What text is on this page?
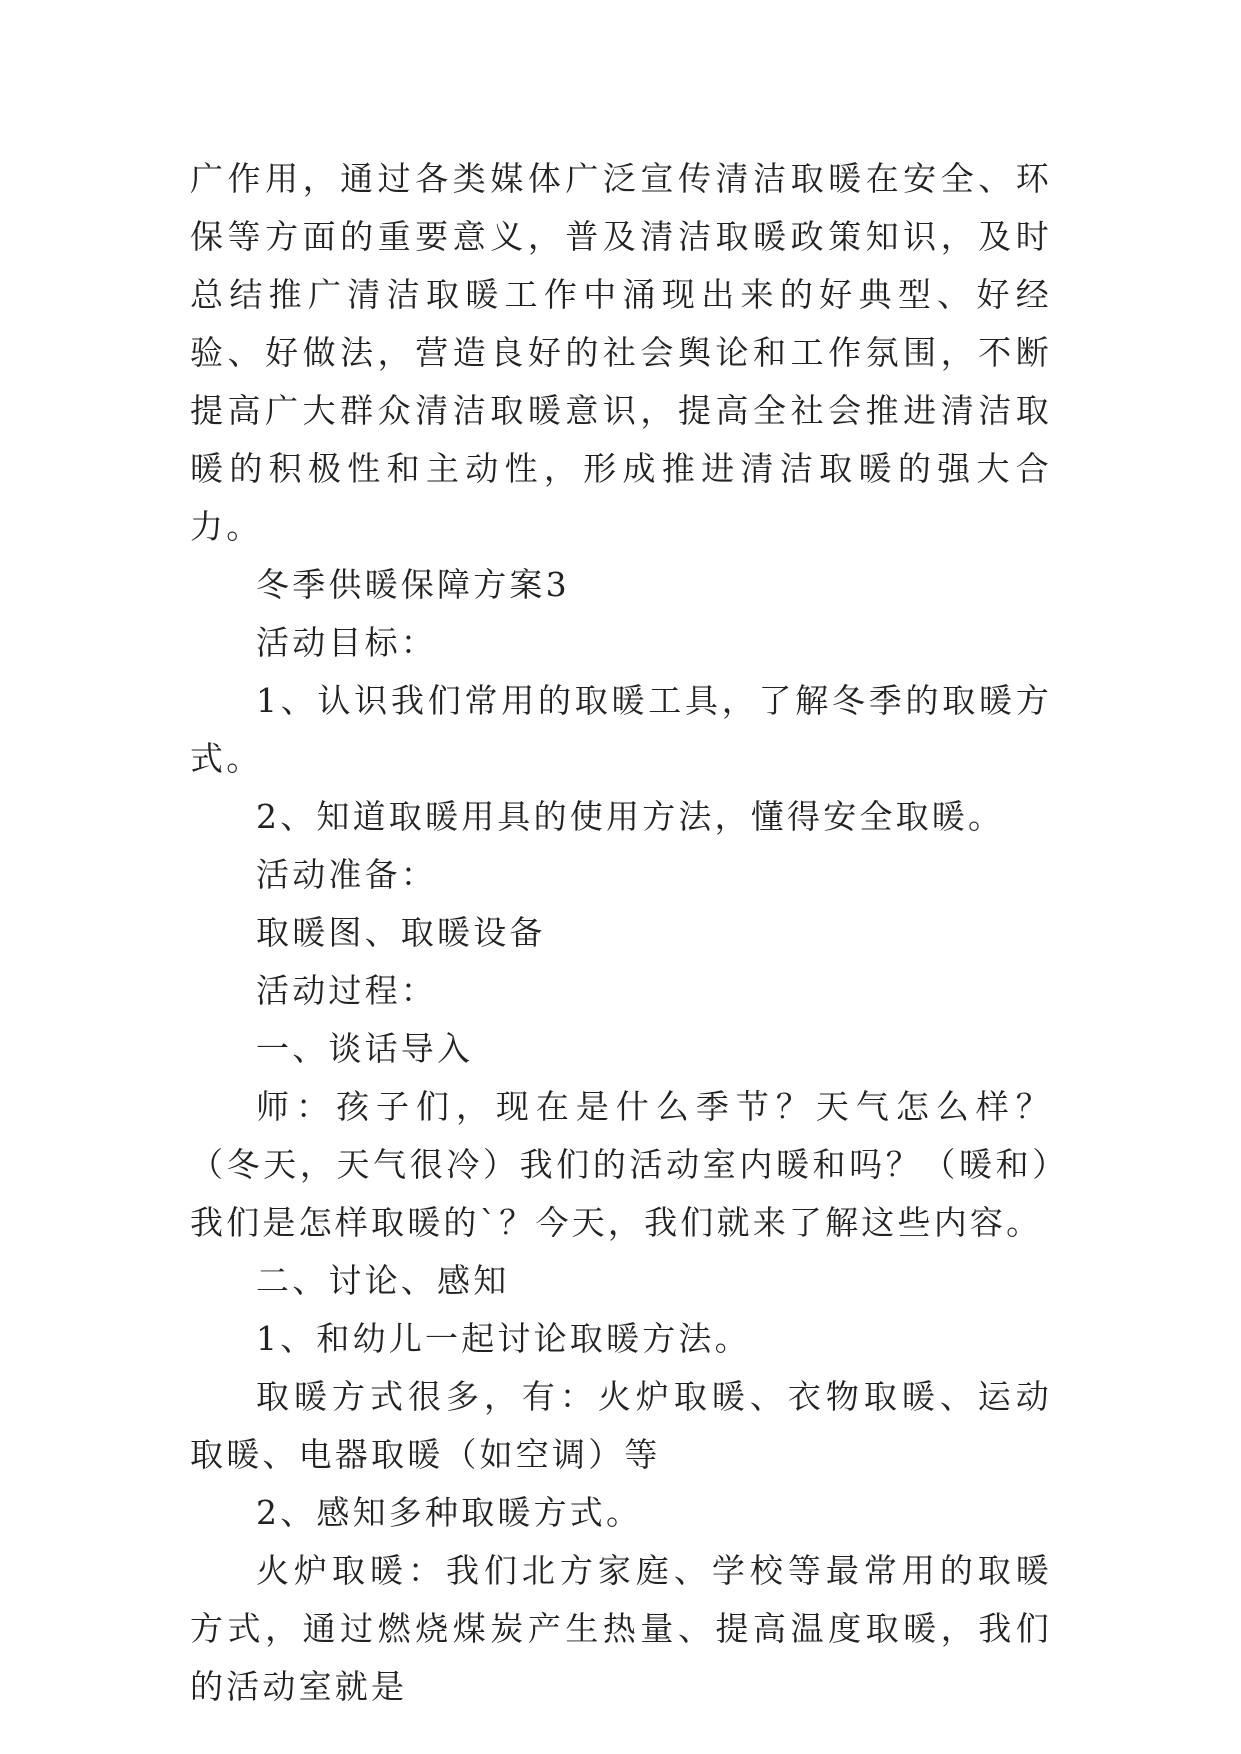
广作用，通过各类媒体广泛宣传清洁取暖在安全、环保等方面的重要意义，普及清洁取暖政策知识，及时总结推广清洁取暖工作中涌现出来的好典型、好经验、好做法，营造良好的社会舆论和工作氛围，不断提高广大群众清洁取暖意识，提高全社会推进清洁取暖的积极性和主动性，形成推进清洁取暖的强大合力。

冬季供暖保障方案3

活动目标：

1、认识我们常用的取暖工具，了解冬季的取暖方式。

2、知道取暖用具的使用方法，懂得安全取暖。

活动准备：

取暖图、取暖设备

活动过程：

一、谈话导入

师：孩子们，现在是什么季节？天气怎么样？（冬天，天气很冷）我们的活动室内暖和吗？（暖和）我们是怎样取暖的`？今天，我们就来了解这些内容。

二、讨论、感知

1、和幼儿一起讨论取暖方法。

取暖方式很多，有：火炉取暖、衣物取暖、运动取暖、电器取暖（如空调）等

2、感知多种取暖方式。

火炉取暖：我们北方家庭、学校等最常用的取暖方式，通过燃烧煤炭产生热量、提高温度取暖，我们的活动室就是
